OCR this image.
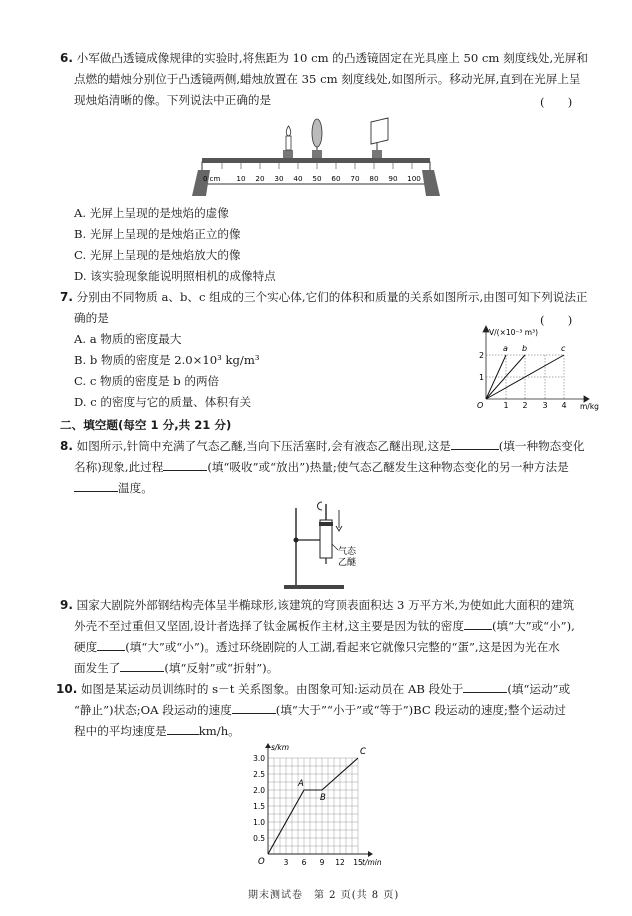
6. 小军做凸透镜成像规律的实验时,将焦距为 10 cm 的凸透镜固定在光具座上 50 cm 刻度线处,光屏和
点燃的蜡烛分别位于凸透镜两侧,蜡烛放置在 35 cm 刻度线处,如图所示。移动光屏,直到在光屏上呈
现烛焰清晰的像。下列说法中正确的是	(　　)
0 cm 10 20 30 40 50 60 70 80 90 100
A. 光屏上呈现的是烛焰的虚像
B. 光屏上呈现的是烛焰正立的像
C. 光屏上呈现的是烛焰放大的像
D. 该实验现象能说明照相机的成像特点
7. 分别由不同物质 a、b、c 组成的三个实心体,它们的体积和质量的关系如图所示,由图可知下列说法正
确的是	(　　)
A. a 物质的密度最大
B. b 物质的密度是 2.0×10³ kg/m³
C. c 物质的密度是 b 的两倍
D. c 的密度与它的质量、体积有关
V/(×10⁻³ m³)
m/kg
O
1
2
1 2 3 4
a b	c
二、填空题(每空 1 分,共 21 分)
8. 如图所示,针筒中充满了气态乙醚,当向下压活塞时,会有液态乙醚出现,这是	(填一种物态变化
名称)现象,此过程	(填“吸收”或“放出”)热量;使气态乙醚发生这种物态变化的另一种方法是
温度。
气态
乙醚
9. 国家大剧院外部钢结构壳体呈半椭球形,该建筑的穹顶表面积达 3 万平方米,为使如此大面积的建筑
外壳不至过重但又坚固,设计者选择了钛金属板作主材,这主要是因为钛的密度 (填“大”或“小”),
硬度 (填“大”或“小”)。透过环绕剧院的人工湖,看起来它就像只完整的“蛋”,这是因为光在水
面发生了	(填“反射”或“折射”)。
10. 如图是某运动员训练时的 s－t 关系图象。由图象可知:运动员在 AB 段处于	(填“运动”或
“静止”)状态;OA 段运动的速度	(填“大于”“小于”或“等于”)BC 段运动的速度;整个运动过
程中的平均速度是	km/h。
0.5
1.0
1.5
2.0
2.5
3.0
3 6 9 12 15
O
A
B
C
s/km
t/min
期末测试卷　第 2 页(共 8 页)
